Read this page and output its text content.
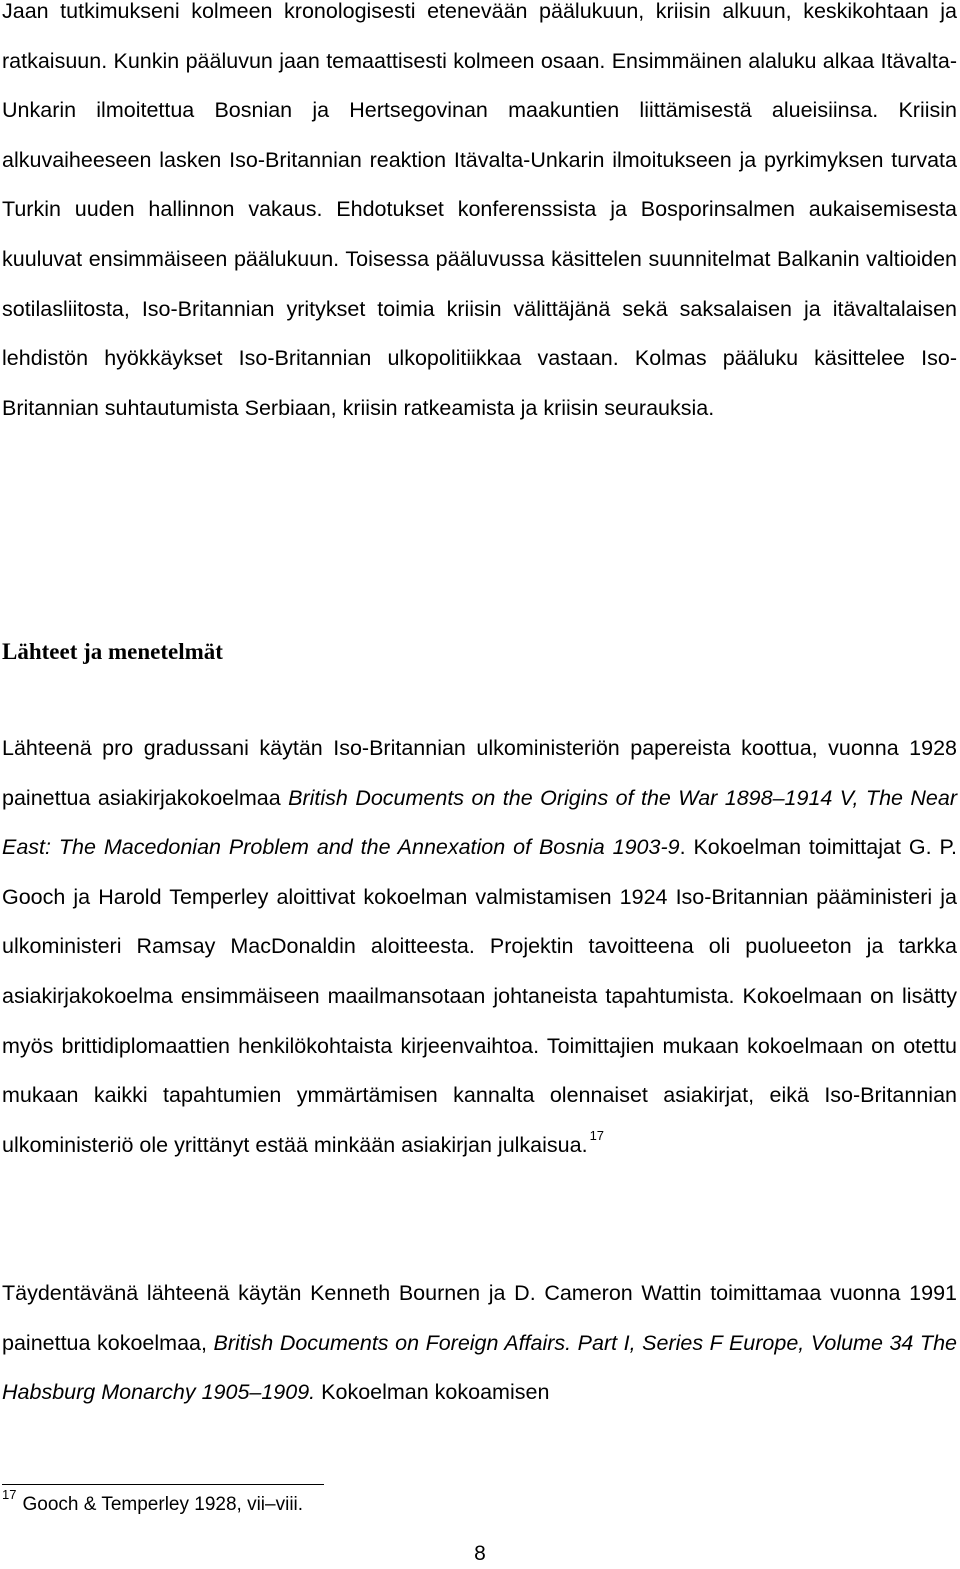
Jaan tutkimukseni kolmeen kronologisesti etenevään päälukuun, kriisin alkuun, keskikohtaan ja ratkaisuun. Kunkin pääluvun jaan temaattisesti kolmeen osaan. Ensimmäinen alaluku alkaa Itävalta-Unkarin ilmoitettua Bosnian ja Hertsegovinan maakuntien liittämisestä alueisiinsa. Kriisin alkuvaiheeseen lasken Iso-Britannian reaktion Itävalta-Unkarin ilmoitukseen ja pyrkimyksen turvata Turkin uuden hallinnon vakaus. Ehdotukset konferenssista ja Bosporinsalmen aukaisemisesta kuuluvat ensimmäiseen päälukuun. Toisessa pääluvussa käsittelen suunnitelmat Balkanin valtioiden sotilasliitosta, Iso-Britannian yritykset toimia kriisin välittäjänä sekä saksalaisen ja itävaltalaisen lehdistön hyökkäykset Iso-Britannian ulkopolitiikkaa vastaan. Kolmas pääluku käsittelee Iso-Britannian suhtautumista Serbiaan, kriisin ratkeamista ja kriisin seurauksia.

Lähteet ja menetelmät

Lähteenä pro gradussani käytän Iso-Britannian ulkoministeriön papereista koottua, vuonna 1928 painettua asiakirjakokoelmaa British Documents on the Origins of the War 1898–1914 V, The Near East: The Macedonian Problem and the Annexation of Bosnia 1903-9. Kokoelman toimittajat G. P. Gooch ja Harold Temperley aloittivat kokoelman valmistamisen 1924 Iso-Britannian pääministeri ja ulkoministeri Ramsay MacDonaldin aloitteesta. Projektin tavoitteena oli puolueeton ja tarkka asiakirjakokoelma ensimmäiseen maailmansotaan johtaneista tapahtumista. Kokoelmaan on lisätty myös brittidiplomaattien henkilökohtaista kirjeenvaihtoa. Toimittajien mukaan kokoelmaan on otettu mukaan kaikki tapahtumien ymmärtämisen kannalta olennaiset asiakirjat, eikä Iso-Britannian ulkoministeriö ole yrittänyt estää minkään asiakirjan julkaisua. $^{17}$

Täydentävänä lähteenä käytän Kenneth Bournen ja D. Cameron Wattin toimittamaa vuonna 1991 painettua kokoelmaa, British Documents on Foreign Affairs. Part I, Series F Europe, Volume 34 The Habsburg Monarchy 1905–1909. Kokoelman kokoamisen

$^{17}$ Gooch & Temperley 1928, vii–viii.

8
